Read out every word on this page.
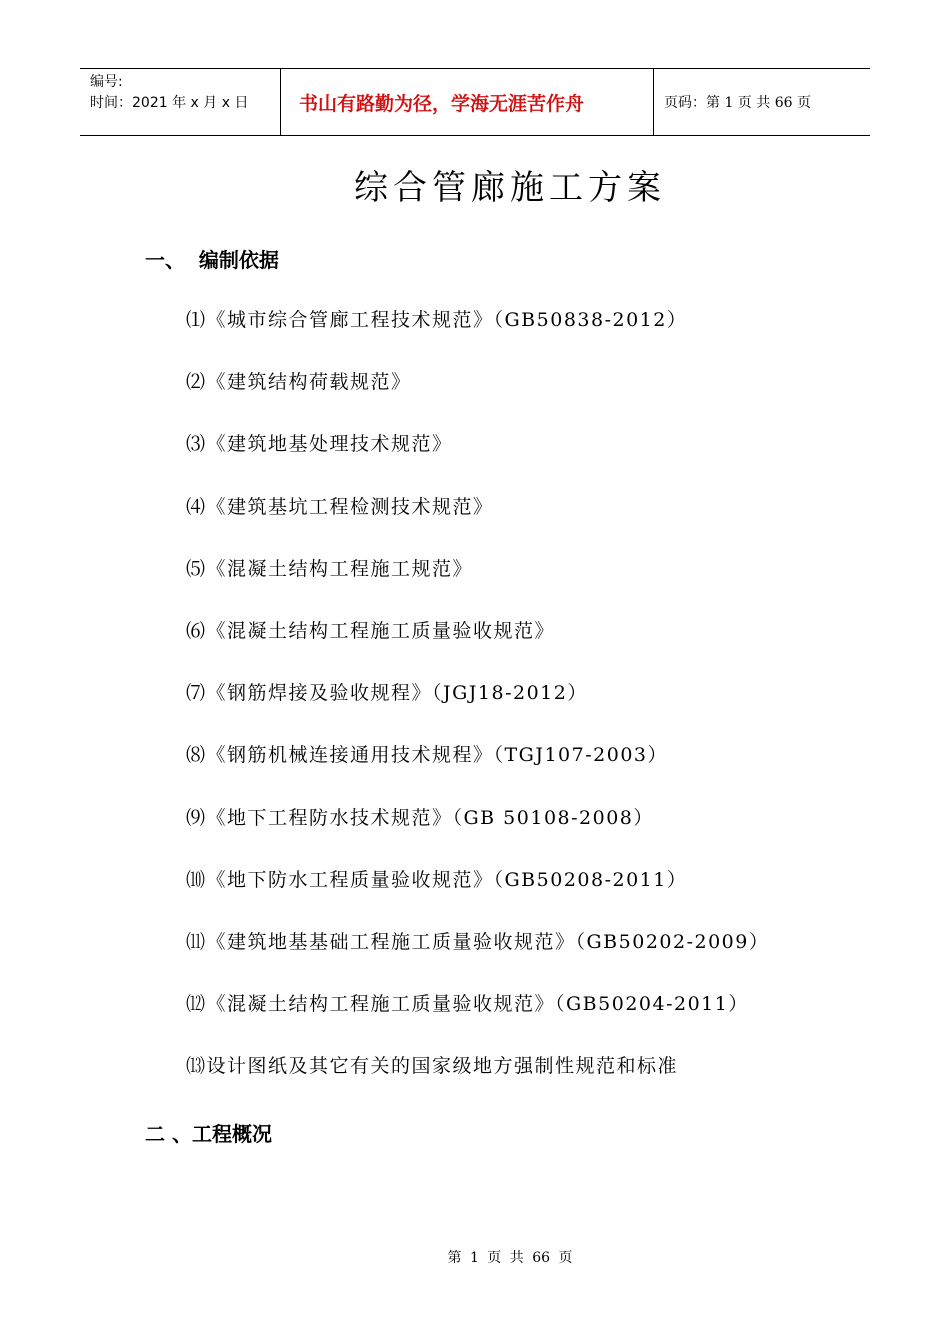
编号:
时间：2021 年 x 月 x 日	书山有路勤为径，学海无涯苦作舟	页码：第 1 页 共 66 页
综合管廊施工方案
一、  编制依据
⑴《城市综合管廊工程技术规范》（GB50838-2012）
⑵《建筑结构荷载规范》
⑶《建筑地基处理技术规范》
⑷《建筑基坑工程检测技术规范》
⑸《混凝土结构工程施工规范》
⑹《混凝土结构工程施工质量验收规范》
⑺《钢筋焊接及验收规程》（JGJ18-2012）
⑻《钢筋机械连接通用技术规程》（TGJ107-2003）
⑼《地下工程防水技术规范》（GB 50108-2008）
⑽《地下防水工程质量验收规范》（GB50208-2011）
⑾《建筑地基基础工程施工质量验收规范》（GB50202-2009）
⑿《混凝土结构工程施工质量验收规范》（GB50204-2011）
⒀设计图纸及其它有关的国家级地方强制性规范和标准
二 、工程概况
第 1 页 共 66 页
